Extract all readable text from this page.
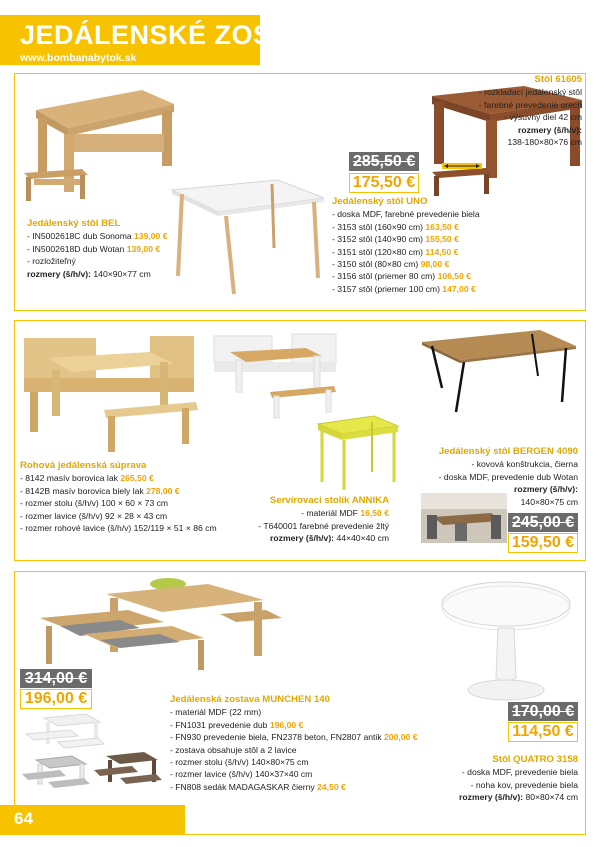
JEDÁLENSKÉ ZOSTAVY
www.bombanabytok.sk
Stôl 61605
- rozkladací jedálenský stôl
- farebné prevedenie orech
- výsuvný diel 42 cm
rozmery (š/h/v):
138-180×80×76 cm
285,50 €
175,50 €
Jedálenský stôl BEL
- IN5002618C dub Sonoma 139,00 €
- IN5002618D dub Wotan 139,00 €
- rozložiteľný
rozmery (š/h/v): 140×90×77 cm
Jedálenský stôl UNO
- doska MDF, farebné prevedenie biela
- 3153 stôl (160×90 cm) 163,50 €
- 3152 stôl (140×90 cm) 155,50 €
- 3151 stôl (120×80 cm) 114,50 €
- 3150 stôl (80×80 cm) 98,00 €
- 3156 stôl (priemer 80 cm) 106,50 €
- 3157 stôl (priemer 100 cm) 147,00 €
Rohová jedálenská súprava
- 8142 masív borovica lak 265,50 €
- 8142B masív borovica biely lak 278,00 €
- rozmer stolu (š/h/v) 100 × 60 × 73 cm
- rozmer lavice (š/h/v) 92 × 28 × 43 cm
- rozmer rohové lavice (š/h/v) 152/119 × 51 × 86 cm
Servírovací stolík ANNIKA
- materiál MDF 16,50 €
- T640001 farebné prevedenie žltý
rozmery (š/h/v): 44×40×40 cm
Jedálenský stôl BERGEN 4090
- kovová konštrukcia, čierna
- doska MDF, prevedenie dub Wotan
rozmery (š/h/v):
140×80×75 cm
245,00 €
159,50 €
314,00 €
196,00 €	Jedálenská zostava MUNCHEN 140
- materiál MDF (22 mm)
- FN1031 prevedenie dub 196,00 €
- FN930 prevedenie biela, FN2378 beton, FN2807 antik 200,00 €
- zostava obsahuje stôl a 2 lavice
- rozmer stolu (š/h/v) 140×80×75 cm
- rozmer lavice (š/h/v) 140×37×40 cm
- FN808 sedák MADAGASKAR čierny 24,50 €
170,00 €
114,50 €
Stôl QUATRO 3158
- doska MDF, prevedenie biela
- noha kov, prevedenie biela
rozmery (š/h/v): 80×80×74 cm
64
